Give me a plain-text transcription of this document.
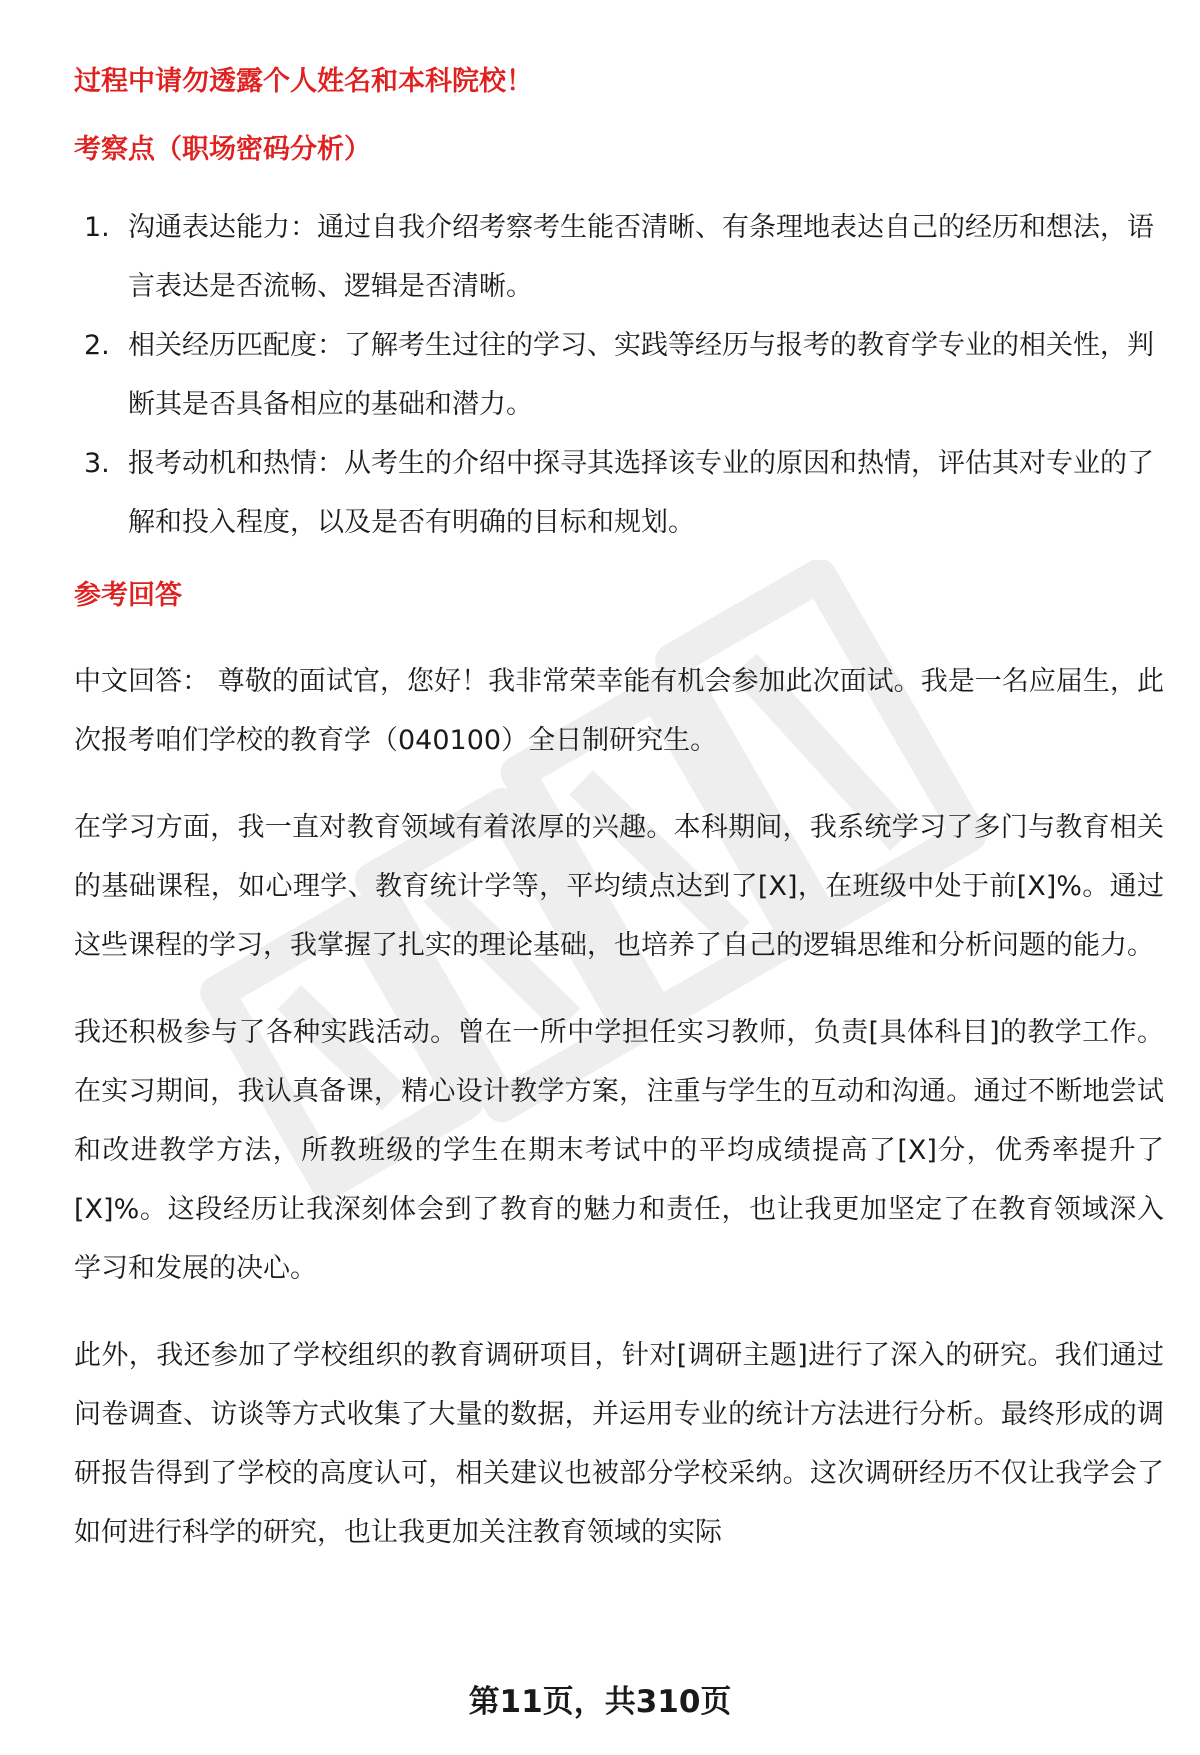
过程中请勿透露个人姓名和本科院校！

考察点（职场密码分析）

1. 沟通表达能力：通过自我介绍考察考生能否清晰、有条理地表达自己的经历和想法，语言表达是否流畅、逻辑是否清晰。
2. 相关经历匹配度：了解考生过往的学习、实践等经历与报考的教育学专业的相关性，判断其是否具备相应的基础和潜力。
3. 报考动机和热情：从考生的介绍中探寻其选择该专业的原因和热情，评估其对专业的了解和投入程度，以及是否有明确的目标和规划。

参考回答

中文回答： 尊敬的面试官，您好！我非常荣幸能有机会参加此次面试。我是一名应届生，此次报考咱们学校的教育学（040100）全日制研究生。

在学习方面，我一直对教育领域有着浓厚的兴趣。本科期间，我系统学习了多门与教育相关的基础课程，如心理学、教育统计学等，平均绩点达到了[X]，在班级中处于前[X]%。通过这些课程的学习，我掌握了扎实的理论基础，也培养了自己的逻辑思维和分析问题的能力。

我还积极参与了各种实践活动。曾在一所中学担任实习教师，负责[具体科目]的教学工作。在实习期间，我认真备课，精心设计教学方案，注重与学生的互动和沟通。通过不断地尝试和改进教学方法，所教班级的学生在期末考试中的平均成绩提高了[X]分，优秀率提升了[X]%。这段经历让我深刻体会到了教育的魅力和责任，也让我更加坚定了在教育领域深入学习和发展的决心。

此外，我还参加了学校组织的教育调研项目，针对[调研主题]进行了深入的研究。我们通过问卷调查、访谈等方式收集了大量的数据，并运用专业的统计方法进行分析。最终形成的调研报告得到了学校的高度认可，相关建议也被部分学校采纳。这次调研经历不仅让我学会了如何进行科学的研究，也让我更加关注教育领域的实际

第11页，共310页
